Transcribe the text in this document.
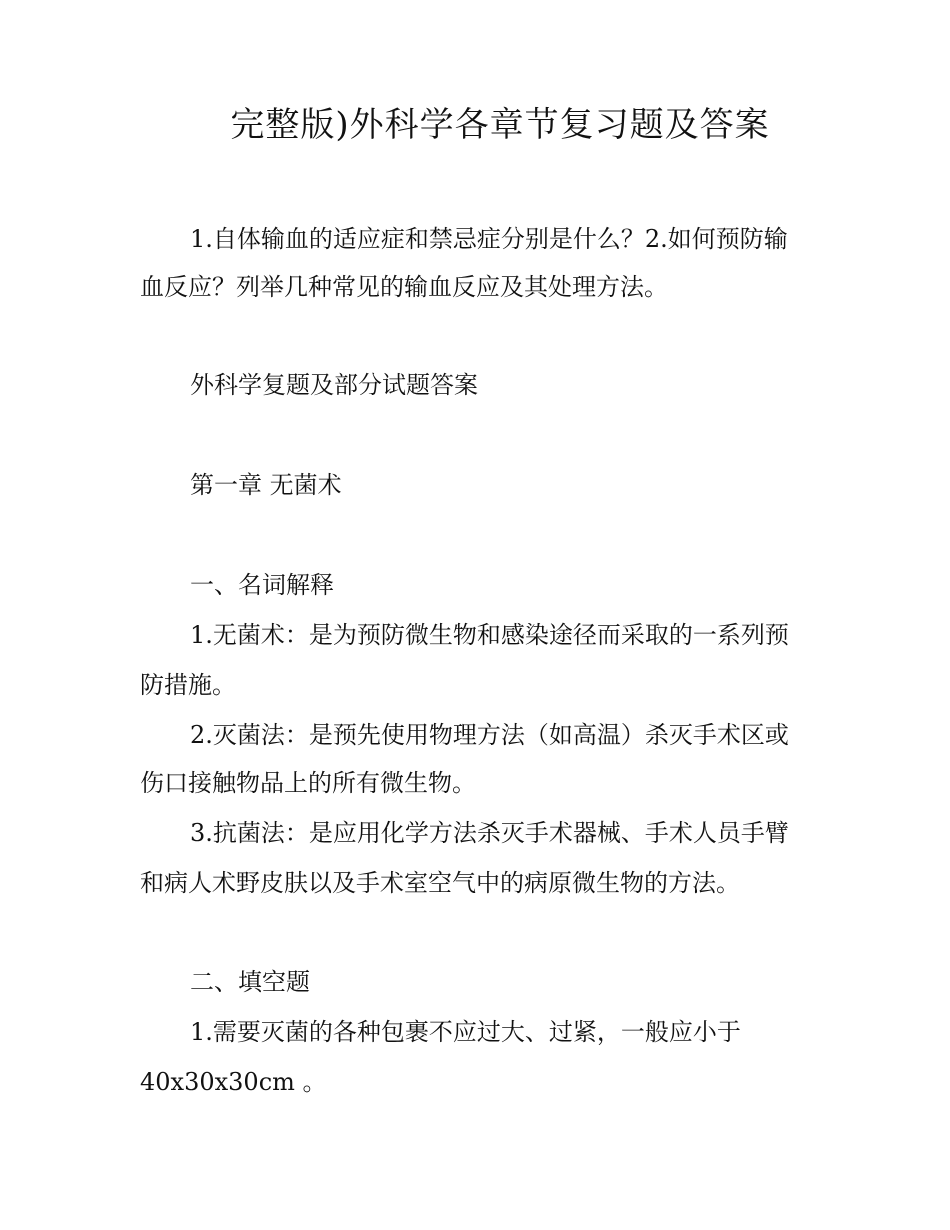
完整版)外科学各章节复习题及答案
1.自体输血的适应症和禁忌症分别是什么？2.如何预防输
血反应？列举几种常见的输血反应及其处理方法。
外科学复题及部分试题答案
第一章 无菌术
一、名词解释
1.无菌术：是为预防微生物和感染途径而采取的一系列预
防措施。
2.灭菌法：是预先使用物理方法（如高温）杀灭手术区或
伤口接触物品上的所有微生物。
3.抗菌法：是应用化学方法杀灭手术器械、手术人员手臂
和病人术野皮肤以及手术室空气中的病原微生物的方法。
二、填空题
1.需要灭菌的各种包裹不应过大、过紧，一般应小于
40x30x30cm 。
